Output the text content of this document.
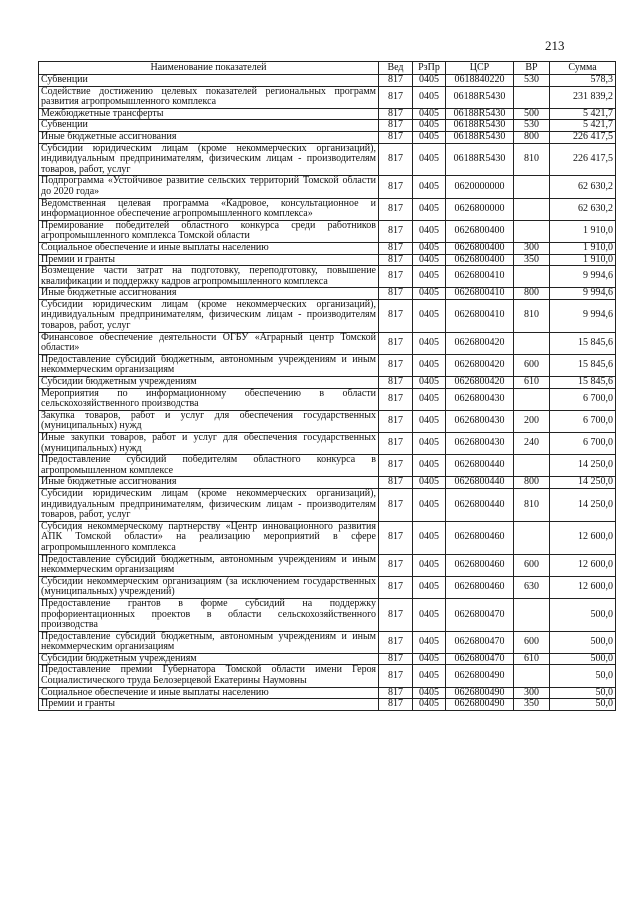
213
Наименование показателей	Вед	РзПр	ЦСР	ВР	Сумма
Субвенции	817	0405	0618840220	530	578,3
Содействие достижению целевых показателей региональных программ развития агропромышленного комплекса	817	0405	06188R5430		231 839,2
Межбюджетные трансферты	817	0405	06188R5430	500	5 421,7
Субвенции	817	0405	06188R5430	530	5 421,7
Иные бюджетные ассигнования	817	0405	06188R5430	800	226 417,5
Субсидии юридическим лицам (кроме некоммерческих организаций), индивидуальным предпринимателям, физическим лицам - производителям товаров, работ, услуг	817	0405	06188R5430	810	226 417,5
Подпрограмма «Устойчивое развитие сельских территорий Томской области до 2020 года»	817	0405	0620000000		62 630,2
Ведомственная целевая программа «Кадровое, консультационное и информационное обеспечение агропромышленного комплекса»	817	0405	0626800000		62 630,2
Премирование победителей областного конкурса среди работников агропромышленного комплекса Томской области	817	0405	0626800400		1 910,0
Социальное обеспечение и иные выплаты населению	817	0405	0626800400	300	1 910,0
Премии и гранты	817	0405	0626800400	350	1 910,0
Возмещение части затрат на подготовку, переподготовку, повышение квалификации и поддержку кадров агропромышленного комплекса	817	0405	0626800410		9 994,6
Иные бюджетные ассигнования	817	0405	0626800410	800	9 994,6
Субсидии юридическим лицам (кроме некоммерческих организаций), индивидуальным предпринимателям, физическим лицам - производителям товаров, работ, услуг	817	0405	0626800410	810	9 994,6
Финансовое обеспечение деятельности ОГБУ «Аграрный центр Томской области»	817	0405	0626800420		15 845,6
Предоставление субсидий бюджетным, автономным учреждениям и иным некоммерческим организациям	817	0405	0626800420	600	15 845,6
Субсидии бюджетным учреждениям	817	0405	0626800420	610	15 845,6
Мероприятия по информационному обеспечению в области сельскохозяйственного производства	817	0405	0626800430		6 700,0
Закупка товаров, работ и услуг для обеспечения государственных (муниципальных) нужд	817	0405	0626800430	200	6 700,0
Иные закупки товаров, работ и услуг для обеспечения государственных (муниципальных) нужд	817	0405	0626800430	240	6 700,0
Предоставление субсидий победителям областного конкурса в агропромышленном комплексе	817	0405	0626800440		14 250,0
Иные бюджетные ассигнования	817	0405	0626800440	800	14 250,0
Субсидии юридическим лицам (кроме некоммерческих организаций), индивидуальным предпринимателям, физическим лицам - производителям товаров, работ, услуг	817	0405	0626800440	810	14 250,0
Субсидия некоммерческому партнерству «Центр инновационного развития АПК Томской области» на реализацию мероприятий в сфере агропромышленного комплекса	817	0405	0626800460		12 600,0
Предоставление субсидий бюджетным, автономным учреждениям и иным некоммерческим организациям	817	0405	0626800460	600	12 600,0
Субсидии некоммерческим организациям (за исключением государственных (муниципальных) учреждений)	817	0405	0626800460	630	12 600,0
Предоставление грантов в форме субсидий на поддержку профориентационных проектов в области сельскохозяйственного производства	817	0405	0626800470		500,0
Предоставление субсидий бюджетным, автономным учреждениям и иным некоммерческим организациям	817	0405	0626800470	600	500,0
Субсидии бюджетным учреждениям	817	0405	0626800470	610	500,0
Предоставление премии Губернатора Томской области имени Героя Социалистического труда Белозерцевой Екатерины Наумовны	817	0405	0626800490		50,0
Социальное обеспечение и иные выплаты населению	817	0405	0626800490	300	50,0
Премии и гранты	817	0405	0626800490	350	50,0
